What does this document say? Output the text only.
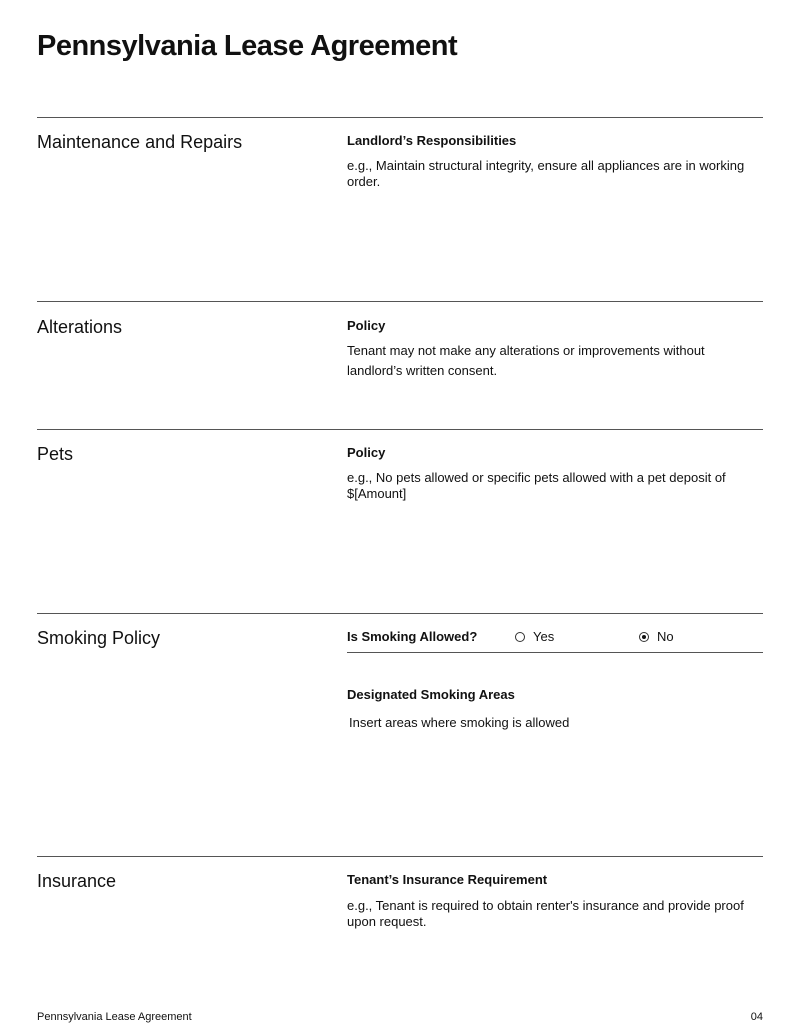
Pennsylvania Lease Agreement
Maintenance and Repairs	Landlord’s Responsibilities
e.g., Maintain structural integrity, ensure all appliances are in working order.
Alterations	Policy
Tenant may not make any alterations or improvements without landlord’s written consent.
Pets	Policy
e.g., No pets allowed or specific pets allowed with a pet deposit of $[Amount]
Smoking Policy	Is Smoking Allowed?	Yes	No
Designated Smoking Areas
Insert areas where smoking is allowed
Insurance	Tenant’s Insurance Requirement
e.g., Tenant is required to obtain renter's insurance and provide proof upon request.
Pennsylvania Lease Agreement	04
